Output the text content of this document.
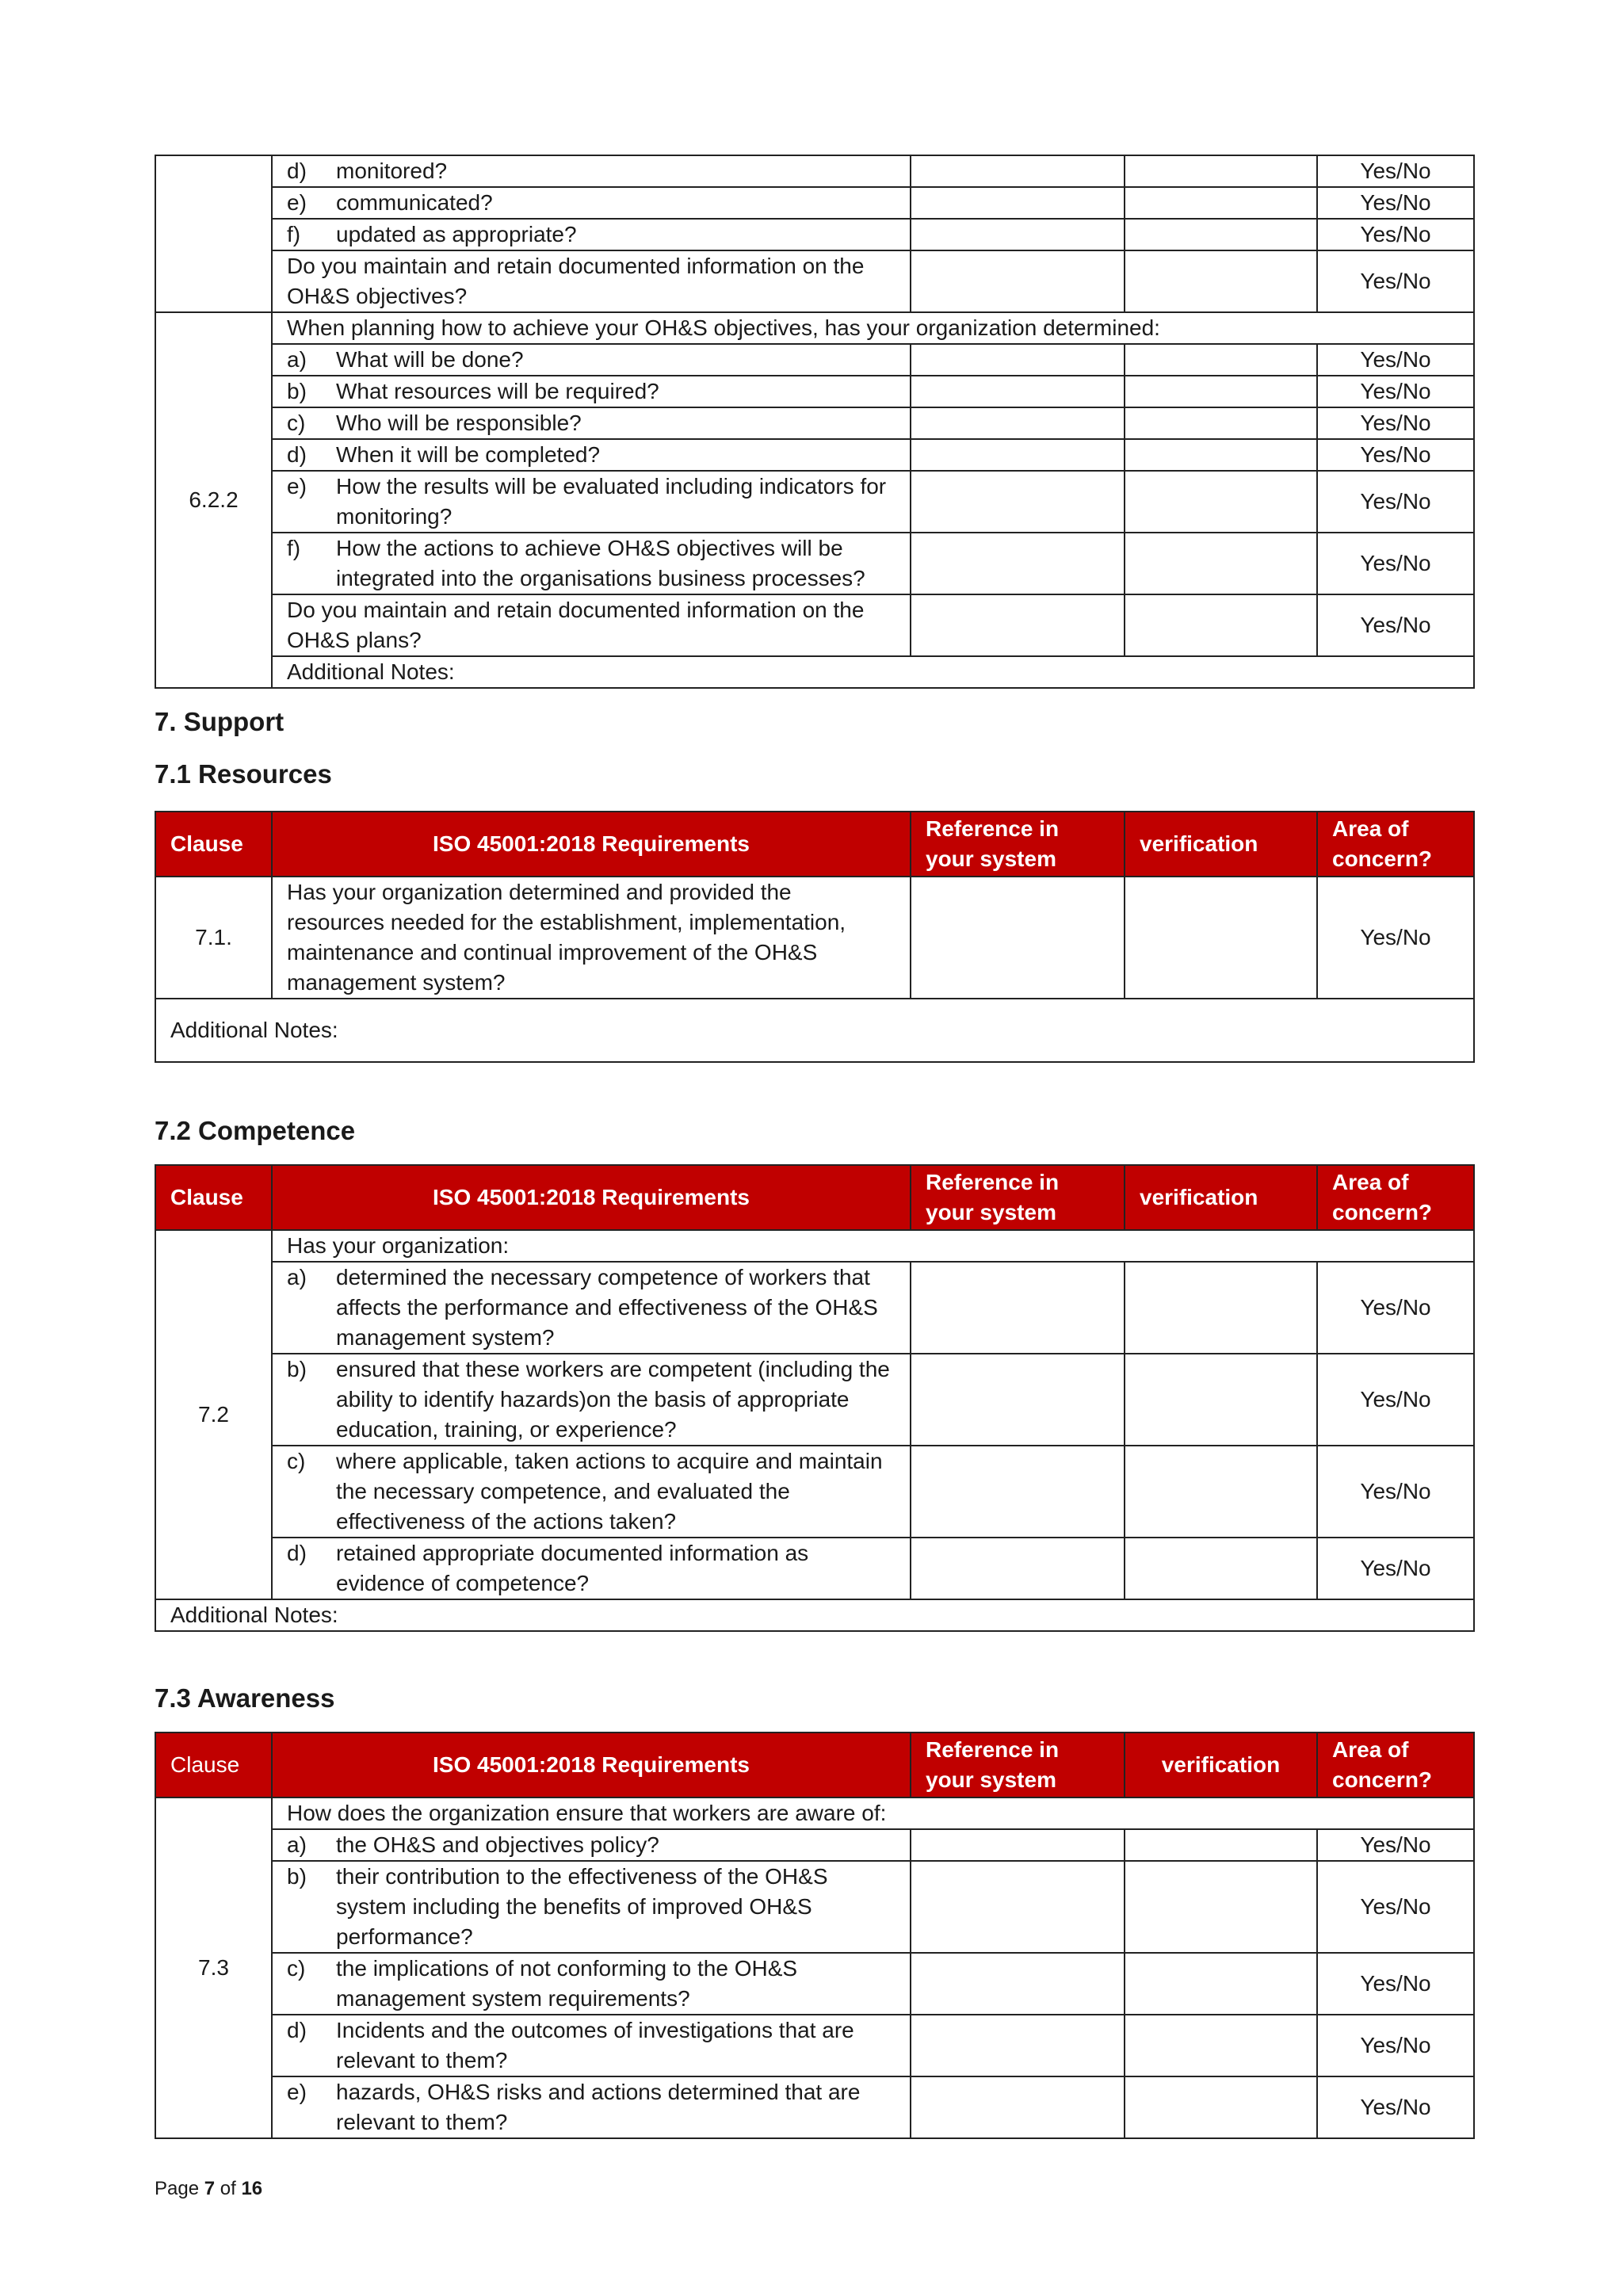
	d) monitored?			Yes/No

	e) communicated?			Yes/No

	f) updated as appropriate?			Yes/No
	Do you maintain and retain documented information on the OH&S objectives?			Yes/No
6.2.2	When planning how to achieve your OH&S objectives, has your organization determined:			

	a) What will be done?			Yes/No

	b) What resources will be required?			Yes/No

	c) Who will be responsible?			Yes/No

	d) When it will be completed?			Yes/No

	e) How the results will be evaluated including indicators for monitoring?			Yes/No

	f) How the actions to achieve OH&S objectives will be integrated into the organisations business processes?			Yes/No
	Do you maintain and retain documented information on the OH&S plans?			Yes/No
	Additional Notes:			
7. Support
7.1 Resources
Clause	ISO 45001:2018 Requirements	Reference in your system	verification	Area of concern?
7.1.	Has your organization determined and provided the resources needed for the establishment, implementation, maintenance and continual improvement of the OH&S management system?			Yes/No
Additional Notes:				
7.2 Competence
Clause	ISO 45001:2018 Requirements	Reference in your system	verification	Area of concern?
7.2	Has your organization:			

	a) determined the necessary competence of workers that affects the performance and effectiveness of the OH&S management system?			Yes/No

	b) ensured that these workers are competent (including the ability to identify hazards)on the basis of appropriate education, training, or experience?			Yes/No

	c) where applicable, taken actions to acquire and maintain the necessary competence, and evaluated the effectiveness of the actions taken?			Yes/No

	d) retained appropriate documented information as evidence of competence?			Yes/No
Additional Notes:				
7.3 Awareness
Clause	ISO 45001:2018 Requirements	Reference in your system	verification	Area of concern?
7.3	How does the organization ensure that workers are aware of:			

	a) the OH&S and objectives policy?			Yes/No

	b) their contribution to the effectiveness of the OH&S system including the benefits of improved OH&S performance?			Yes/No

	c) the implications of not conforming to the OH&S management system requirements?			Yes/No

	d) Incidents and the outcomes of investigations that are relevant to them?			Yes/No

	e) hazards, OH&S risks and actions determined that are relevant to them?			Yes/No
Page 7 of 16
